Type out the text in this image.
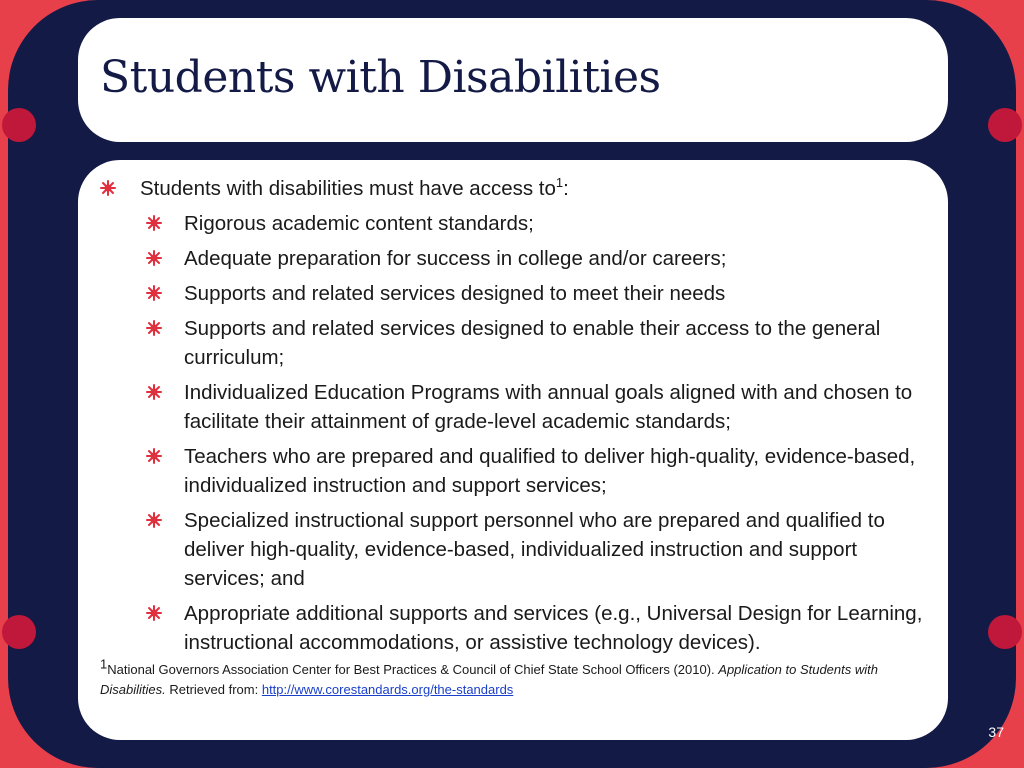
Students with Disabilities
Students with disabilities must have access $to^1$:
Rigorous academic content standards;
Adequate preparation for success in college and/or careers;
Supports and related services designed to meet their needs
Supports and related services designed to enable their access to the general curriculum;
Individualized Education Programs with annual goals aligned with and chosen to facilitate their attainment of grade-level academic standards;
Teachers who are prepared and qualified to deliver high-quality, evidence-based, individualized instruction and support services;
Specialized instructional support personnel who are prepared and qualified to deliver high-quality, evidence-based, individualized instruction and support services; and
Appropriate additional supports and services (e.g., Universal Design for Learning, instructional accommodations, or assistive technology devices).
$^1$National Governors Association Center for Best Practices & Council of Chief State School Officers (2010). Application to Students with Disabilities. Retrieved from: http://www.corestandards.org/the-standards
37
